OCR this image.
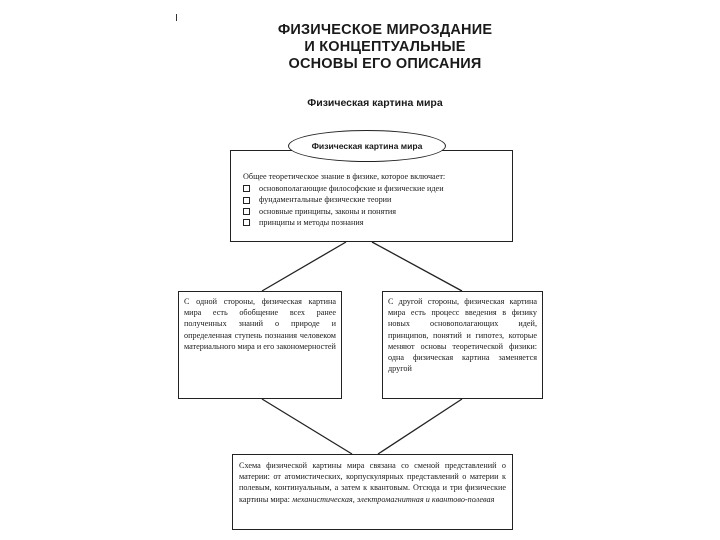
ФИЗИЧЕСКОЕ МИРОЗДАНИЕ
И КОНЦЕПТУАЛЬНЫЕ
ОСНОВЫ ЕГО ОПИСАНИЯ
Физическая картина мира
Общее теоретическое знание в физике, которое включает:
основополагающие философские и физические идеи
фундаментальные физические теории
основные принципы, законы и понятия
принципы и методы познания
Физическая картина мира
С одной стороны, физическая картина мира есть обобщение всех ранее полученных знаний о природе и определенная ступень познания человеком материального мира и его закономерностей
С другой стороны, физическая картина мира есть процесс введения в физику новых основополагающих идей, принципов, понятий и гипотез, которые меняют основы теоретической физики: одна физическая картина заменяется другой
Схема физической картины мира связана со сменой представлений о материи: от атомистических, корпускулярных представлений о материи к полевым, континуальным, а затем к квантовым. Отсюда и три физические картины мира: механистическая, электромагнитная и квантово-полевая
